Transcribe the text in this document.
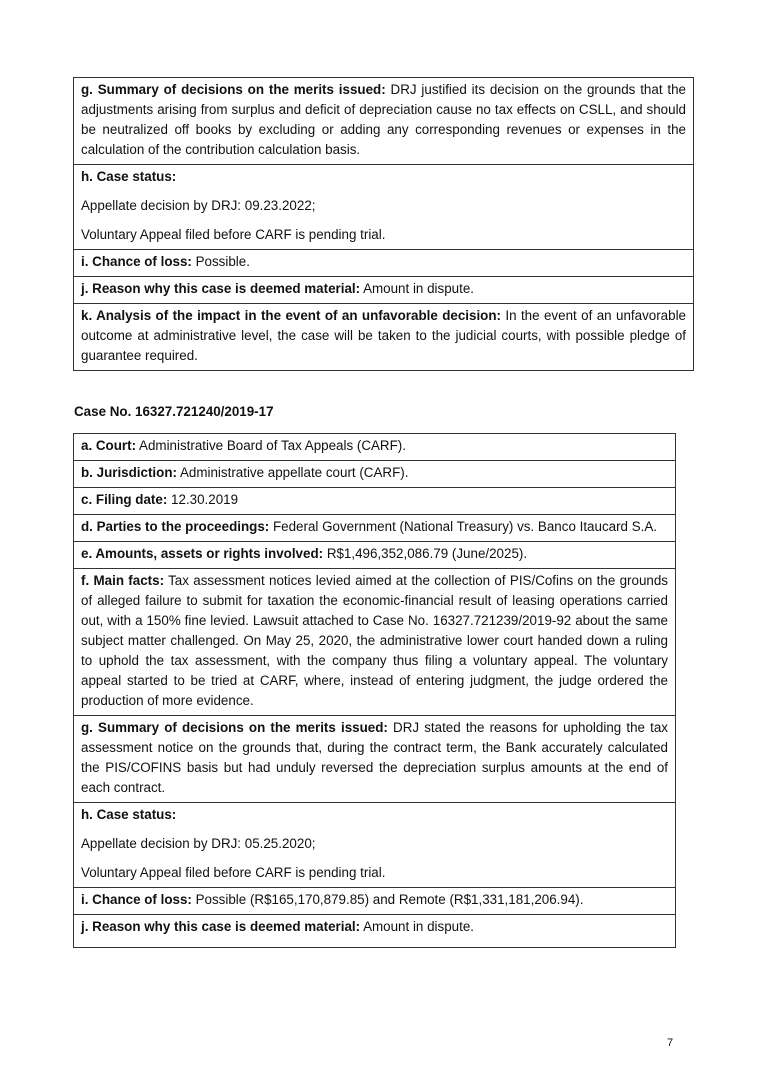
g. Summary of decisions on the merits issued: DRJ justified its decision on the grounds that the adjustments arising from surplus and deficit of depreciation cause no tax effects on CSLL, and should be neutralized off books by excluding or adding any corresponding revenues or expenses in the calculation of the contribution calculation basis.

h. Case status:

Appellate decision by DRJ: 09.23.2022;

Voluntary Appeal filed before CARF is pending trial.

i. Chance of loss: Possible.
j. Reason why this case is deemed material: Amount in dispute.
k. Analysis of the impact in the event of an unfavorable decision: In the event of an unfavorable outcome at administrative level, the case will be taken to the judicial courts, with possible pledge of guarantee required.

Case No. 16327.721240/2019-17

a. Court: Administrative Board of Tax Appeals (CARF).
b. Jurisdiction: Administrative appellate court (CARF).
c. Filing date: 12.30.2019
d. Parties to the proceedings: Federal Government (National Treasury) vs. Banco Itaucard S.A.
e. Amounts, assets or rights involved: R$1,496,352,086.79 (June/2025).
f. Main facts: Tax assessment notices levied aimed at the collection of PIS/Cofins on the grounds of alleged failure to submit for taxation the economic-financial result of leasing operations carried out, with a 150% fine levied. Lawsuit attached to Case No. 16327.721239/2019-92 about the same subject matter challenged. On May 25, 2020, the administrative lower court handed down a ruling to uphold the tax assessment, with the company thus filing a voluntary appeal. The voluntary appeal started to be tried at CARF, where, instead of entering judgment, the judge ordered the production of more evidence.
g. Summary of decisions on the merits issued: DRJ stated the reasons for upholding the tax assessment notice on the grounds that, during the contract term, the Bank accurately calculated the PIS/COFINS basis but had unduly reversed the depreciation surplus amounts at the end of each contract.

h. Case status:

Appellate decision by DRJ: 05.25.2020;

Voluntary Appeal filed before CARF is pending trial.

i. Chance of loss: Possible (R$165,170,879.85) and Remote (R$1,331,181,206.94).
j. Reason why this case is deemed material: Amount in dispute.
7
